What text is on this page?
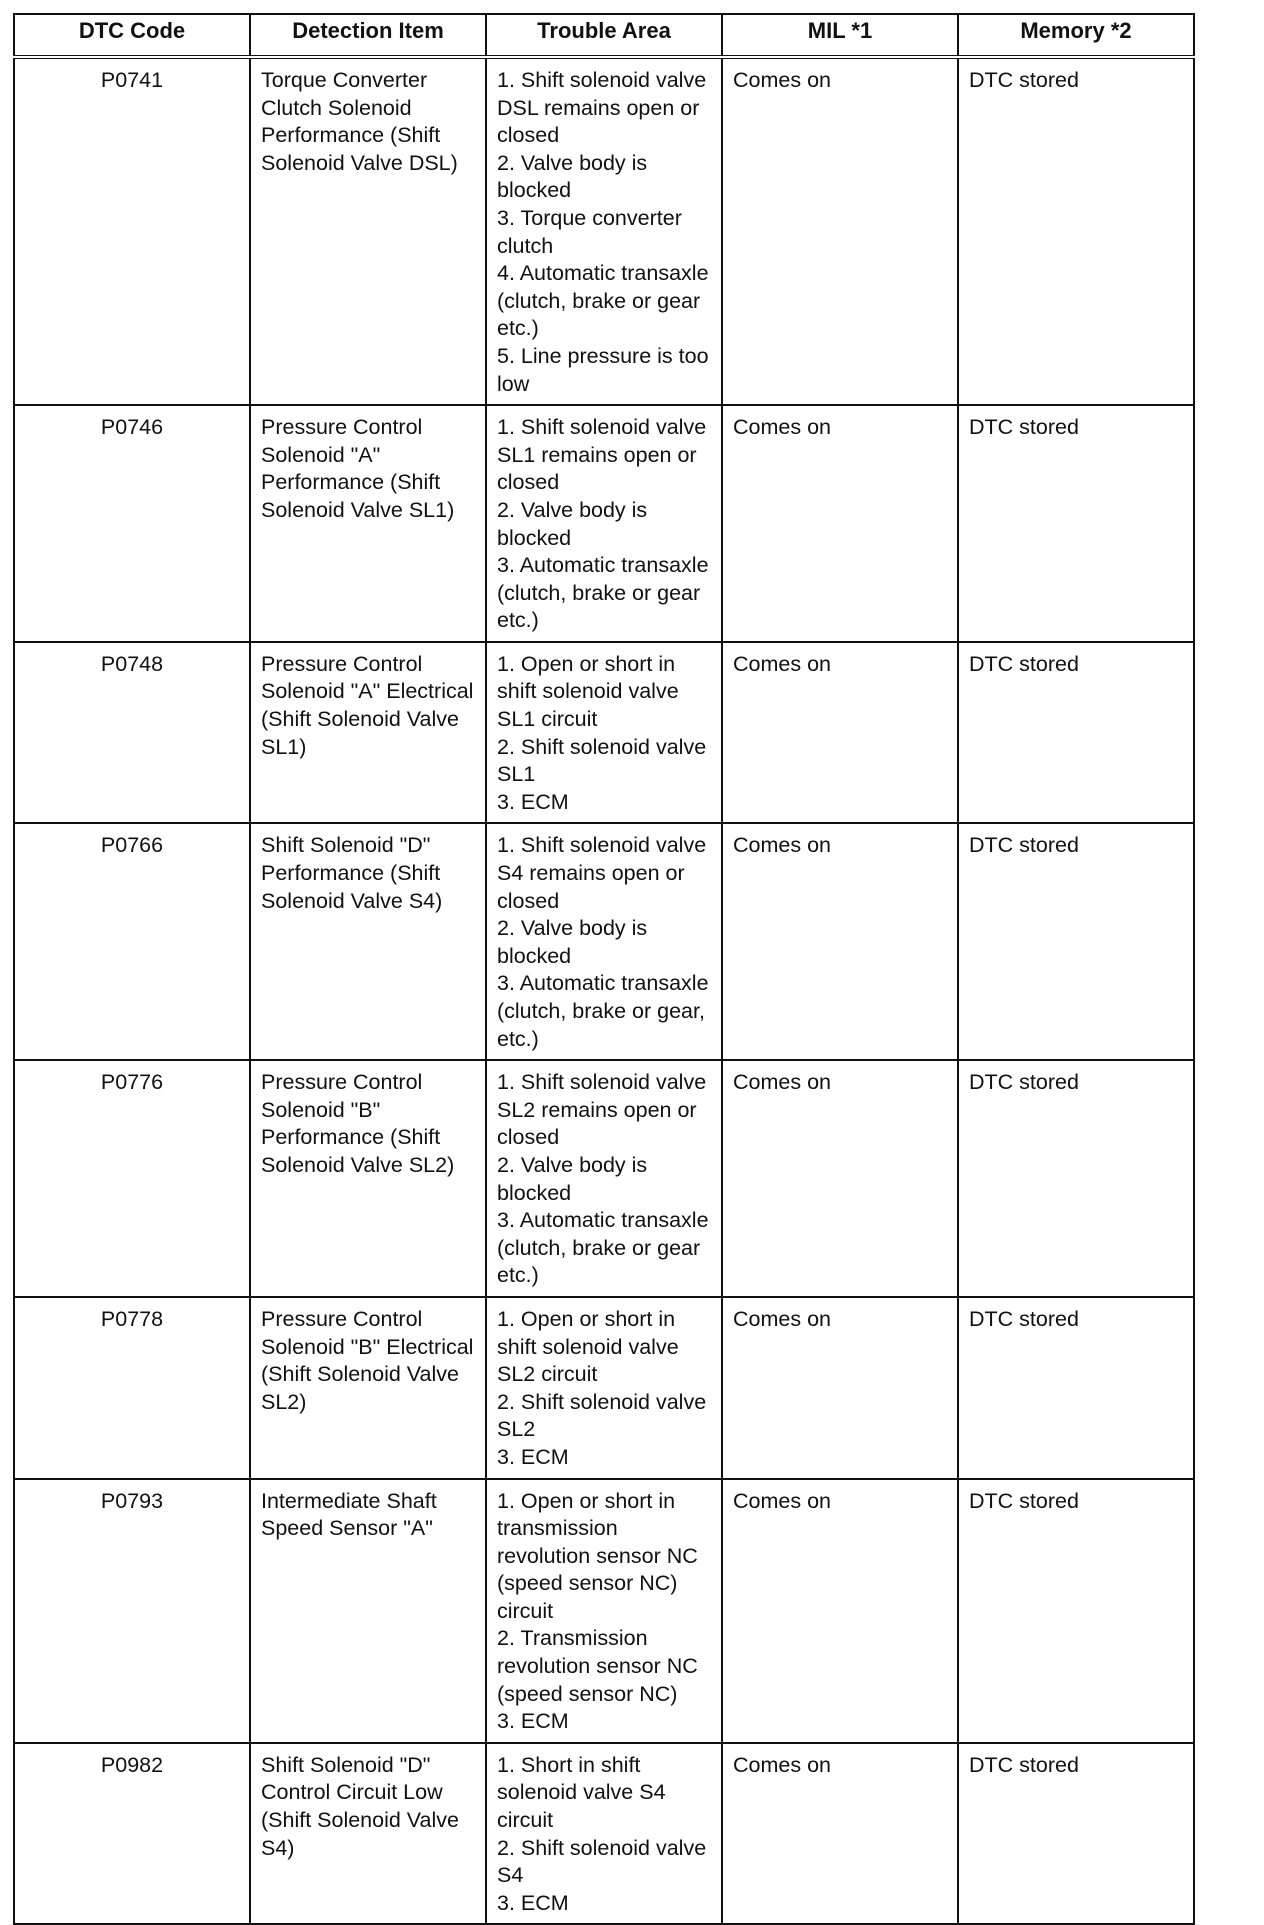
DTC Code	Detection Item	Trouble Area	MIL *1	Memory *2
P0741	Torque Converter Clutch Solenoid Performance (Shift Solenoid Valve DSL)	1. Shift solenoid valve DSL remains open or closed
2. Valve body is blocked
3. Torque converter clutch
4. Automatic transaxle (clutch, brake or gear etc.)
5. Line pressure is too low	Comes on	DTC stored
P0746	Pressure Control Solenoid "A" Performance (Shift Solenoid Valve SL1)	1. Shift solenoid valve SL1 remains open or closed
2. Valve body is blocked
3. Automatic transaxle (clutch, brake or gear etc.)	Comes on	DTC stored
P0748	Pressure Control Solenoid "A" Electrical (Shift Solenoid Valve SL1)	1. Open or short in shift solenoid valve SL1 circuit
2. Shift solenoid valve SL1
3. ECM	Comes on	DTC stored
P0766	Shift Solenoid "D" Performance (Shift Solenoid Valve S4)	1. Shift solenoid valve S4 remains open or closed
2. Valve body is blocked
3. Automatic transaxle (clutch, brake or gear, etc.)	Comes on	DTC stored
P0776	Pressure Control Solenoid "B" Performance (Shift Solenoid Valve SL2)	1. Shift solenoid valve SL2 remains open or closed
2. Valve body is blocked
3. Automatic transaxle (clutch, brake or gear etc.)	Comes on	DTC stored
P0778	Pressure Control Solenoid "B" Electrical (Shift Solenoid Valve SL2)	1. Open or short in shift solenoid valve SL2 circuit
2. Shift solenoid valve SL2
3. ECM	Comes on	DTC stored
P0793	Intermediate Shaft Speed Sensor "A"	1. Open or short in transmission revolution sensor NC (speed sensor NC) circuit
2. Transmission revolution sensor NC (speed sensor NC)
3. ECM	Comes on	DTC stored
P0982	Shift Solenoid "D" Control Circuit Low (Shift Solenoid Valve S4)	1. Short in shift solenoid valve S4 circuit
2. Shift solenoid valve S4
3. ECM	Comes on	DTC stored
